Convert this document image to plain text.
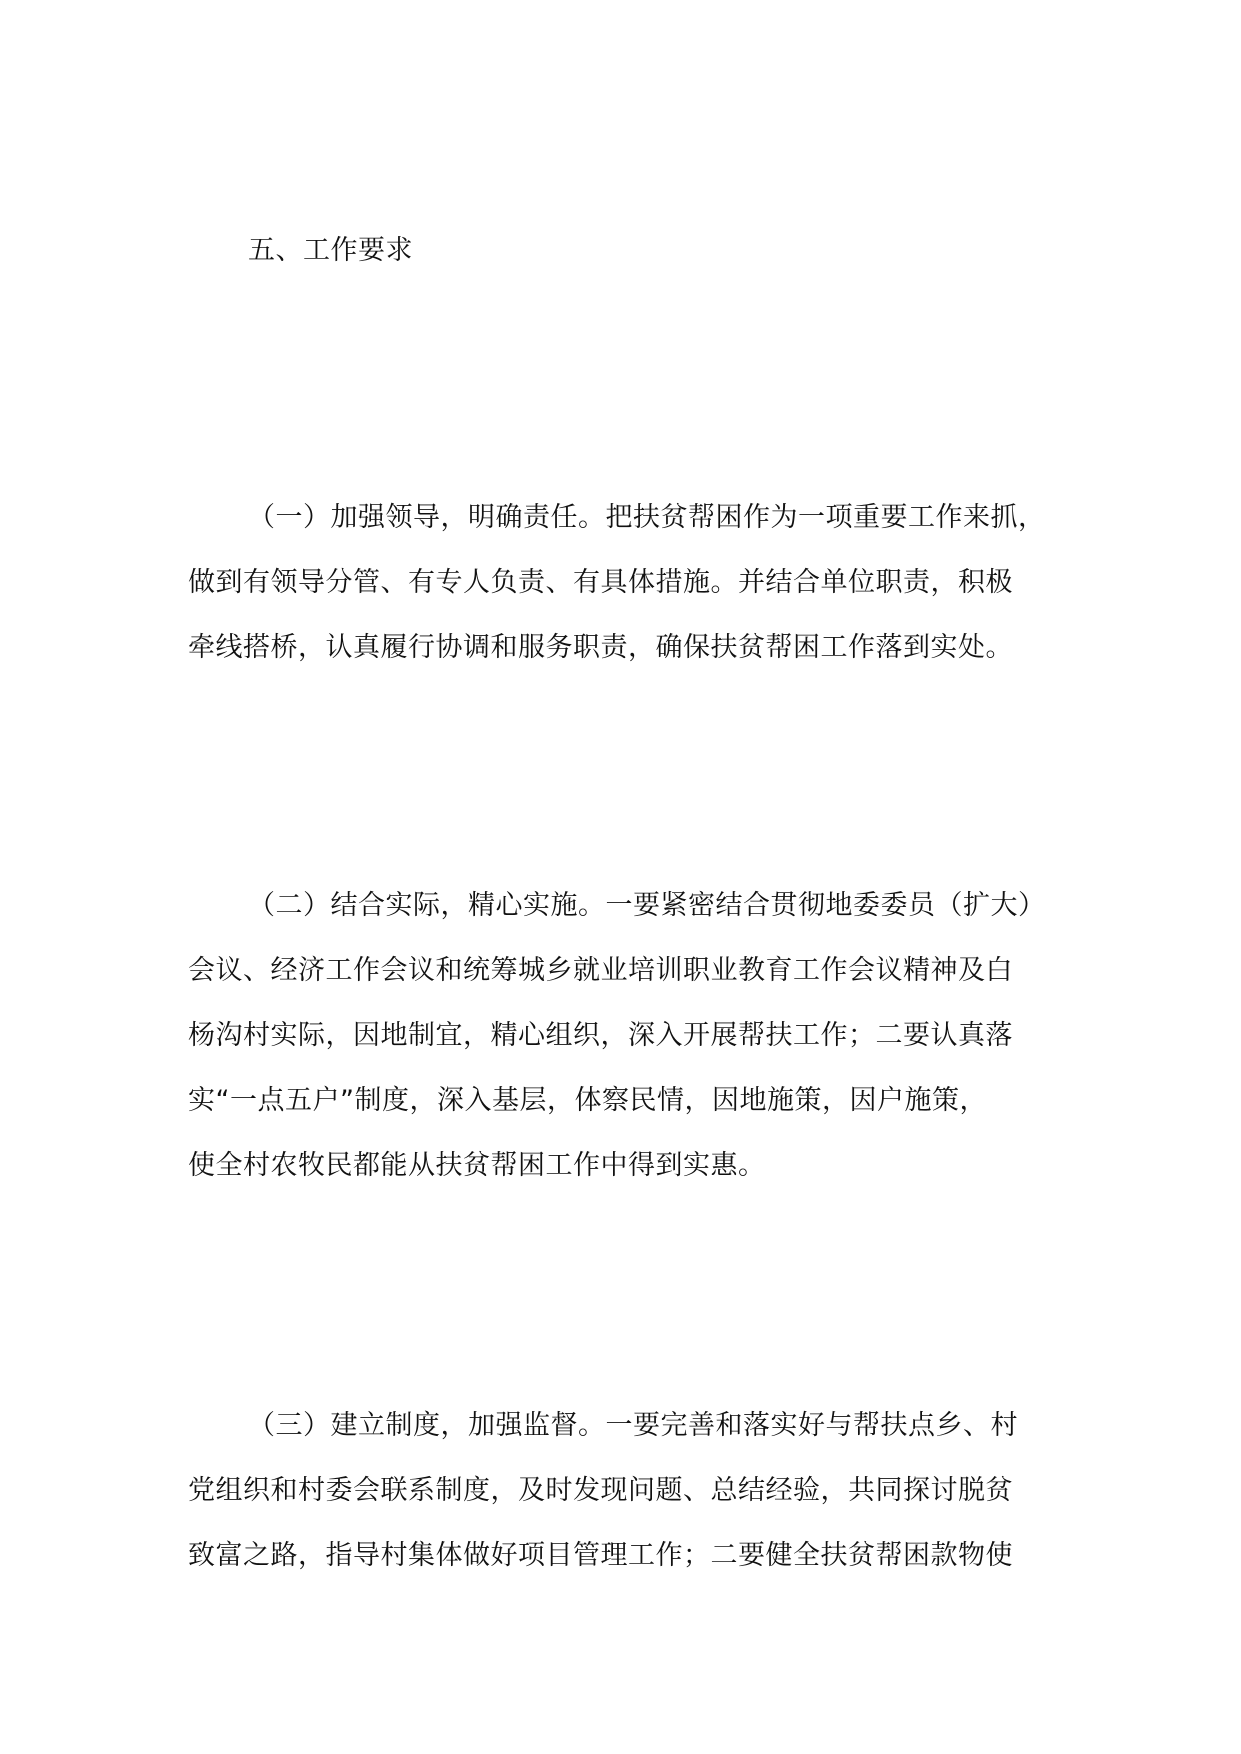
五、工作要求
（一）加强领导，明确责任。把扶贫帮困作为一项重要工作来抓，
做到有领导分管、有专人负责、有具体措施。并结合单位职责，积极
牵线搭桥，认真履行协调和服务职责，确保扶贫帮困工作落到实处。
（二）结合实际，精心实施。一要紧密结合贯彻地委委员（扩大）
会议、经济工作会议和统筹城乡就业培训职业教育工作会议精神及白
杨沟村实际，因地制宜，精心组织，深入开展帮扶工作；二要认真落
实“一点五户”制度，深入基层，体察民情，因地施策，因户施策，
使全村农牧民都能从扶贫帮困工作中得到实惠。
（三）建立制度，加强监督。一要完善和落实好与帮扶点乡、村
党组织和村委会联系制度，及时发现问题、总结经验，共同探讨脱贫
致富之路，指导村集体做好项目管理工作；二要健全扶贫帮困款物使
